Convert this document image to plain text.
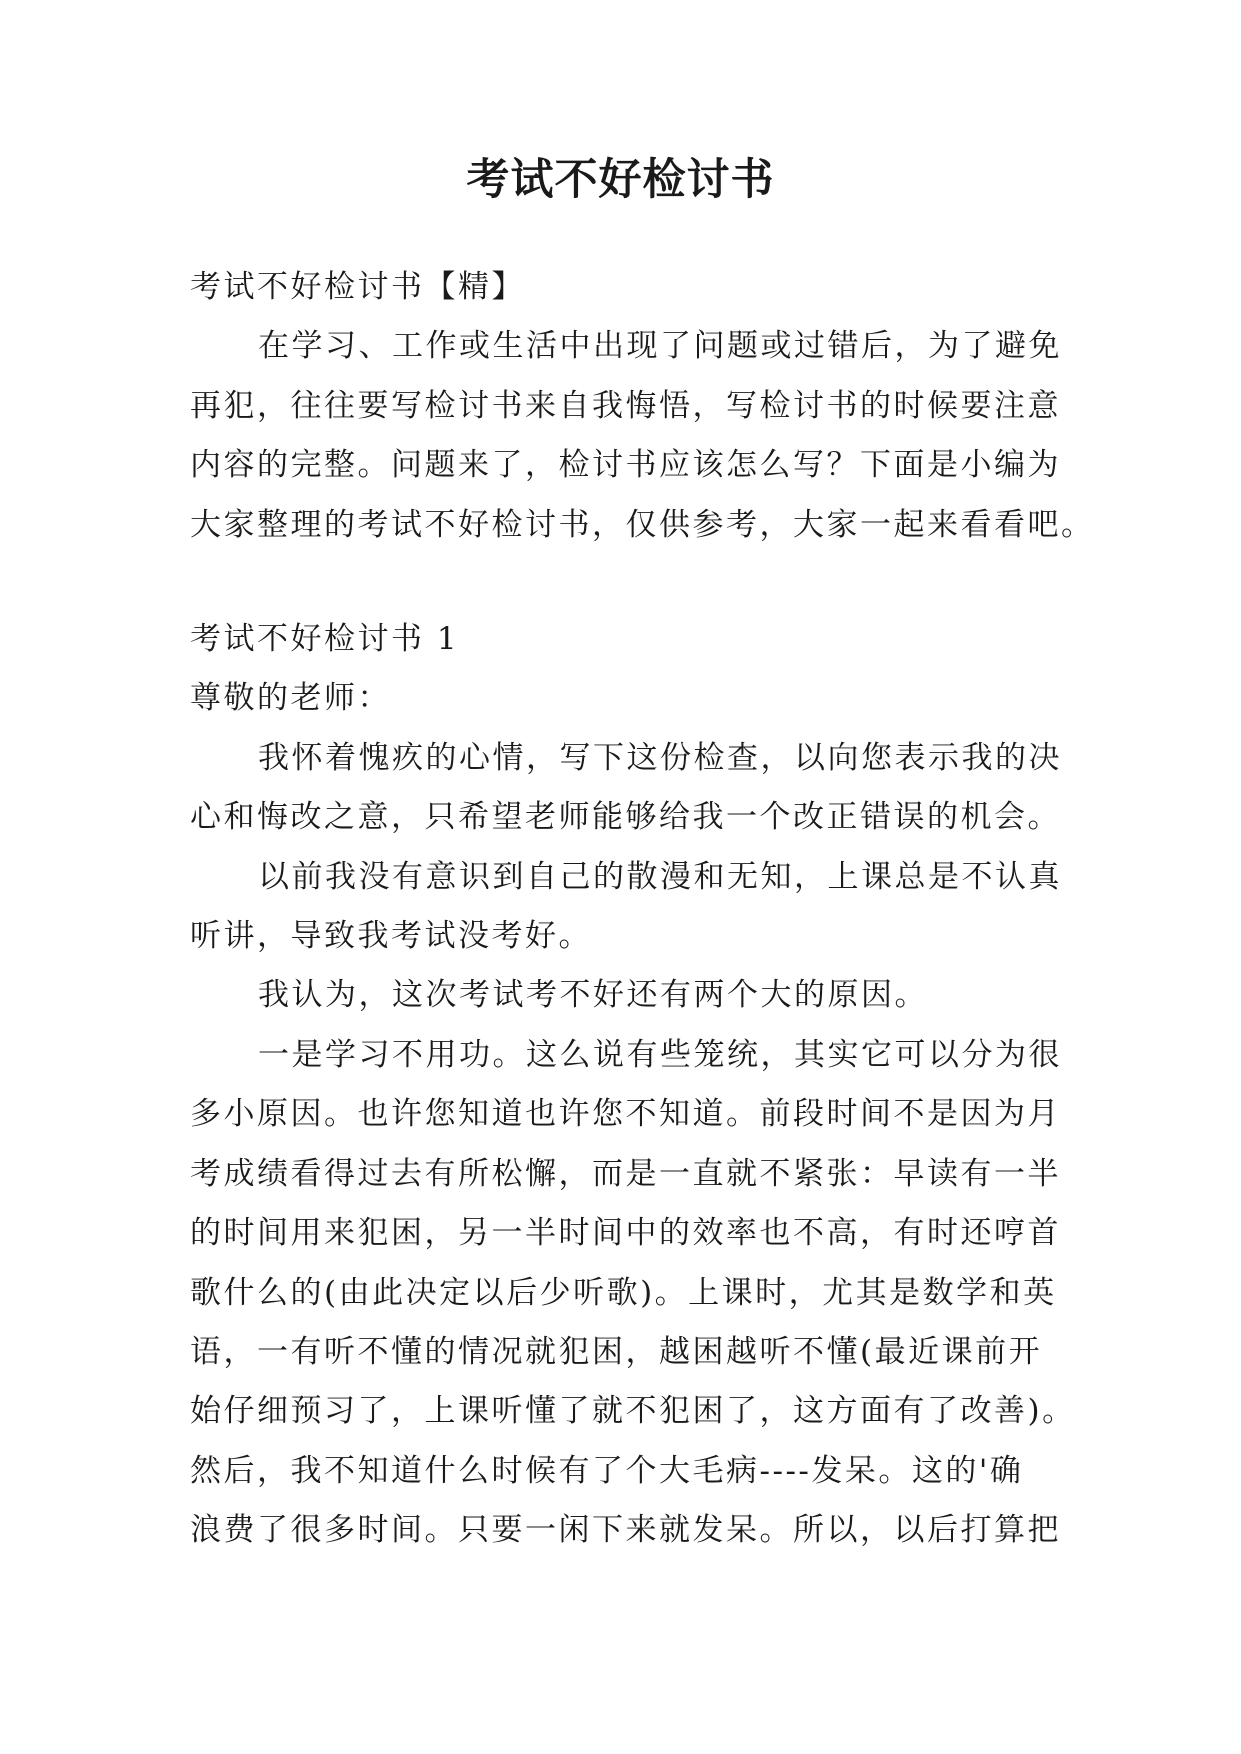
考试不好检讨书

考试不好检讨书【精】

在学习、工作或生活中出现了问题或过错后，为了避免

再犯，往往要写检讨书来自我悔悟，写检讨书的时候要注意

内容的完整。问题来了，检讨书应该怎么写？下面是小编为

大家整理的考试不好检讨书，仅供参考，大家一起来看看吧。

考试不好检讨书 1

尊敬的老师：

我怀着愧疚的心情，写下这份检查，以向您表示我的决

心和悔改之意，只希望老师能够给我一个改正错误的机会。

以前我没有意识到自己的散漫和无知，上课总是不认真

听讲，导致我考试没考好。

我认为，这次考试考不好还有两个大的原因。

一是学习不用功。这么说有些笼统，其实它可以分为很

多小原因。也许您知道也许您不知道。前段时间不是因为月

考成绩看得过去有所松懈，而是一直就不紧张：早读有一半

的时间用来犯困，另一半时间中的效率也不高，有时还哼首

歌什么的(由此决定以后少听歌)。上课时，尤其是数学和英

语，一有听不懂的情况就犯困，越困越听不懂(最近课前开

始仔细预习了，上课听懂了就不犯困了，这方面有了改善)。

然后，我不知道什么时候有了个大毛病----发呆。这的'确

浪费了很多时间。只要一闲下来就发呆。所以，以后打算把
